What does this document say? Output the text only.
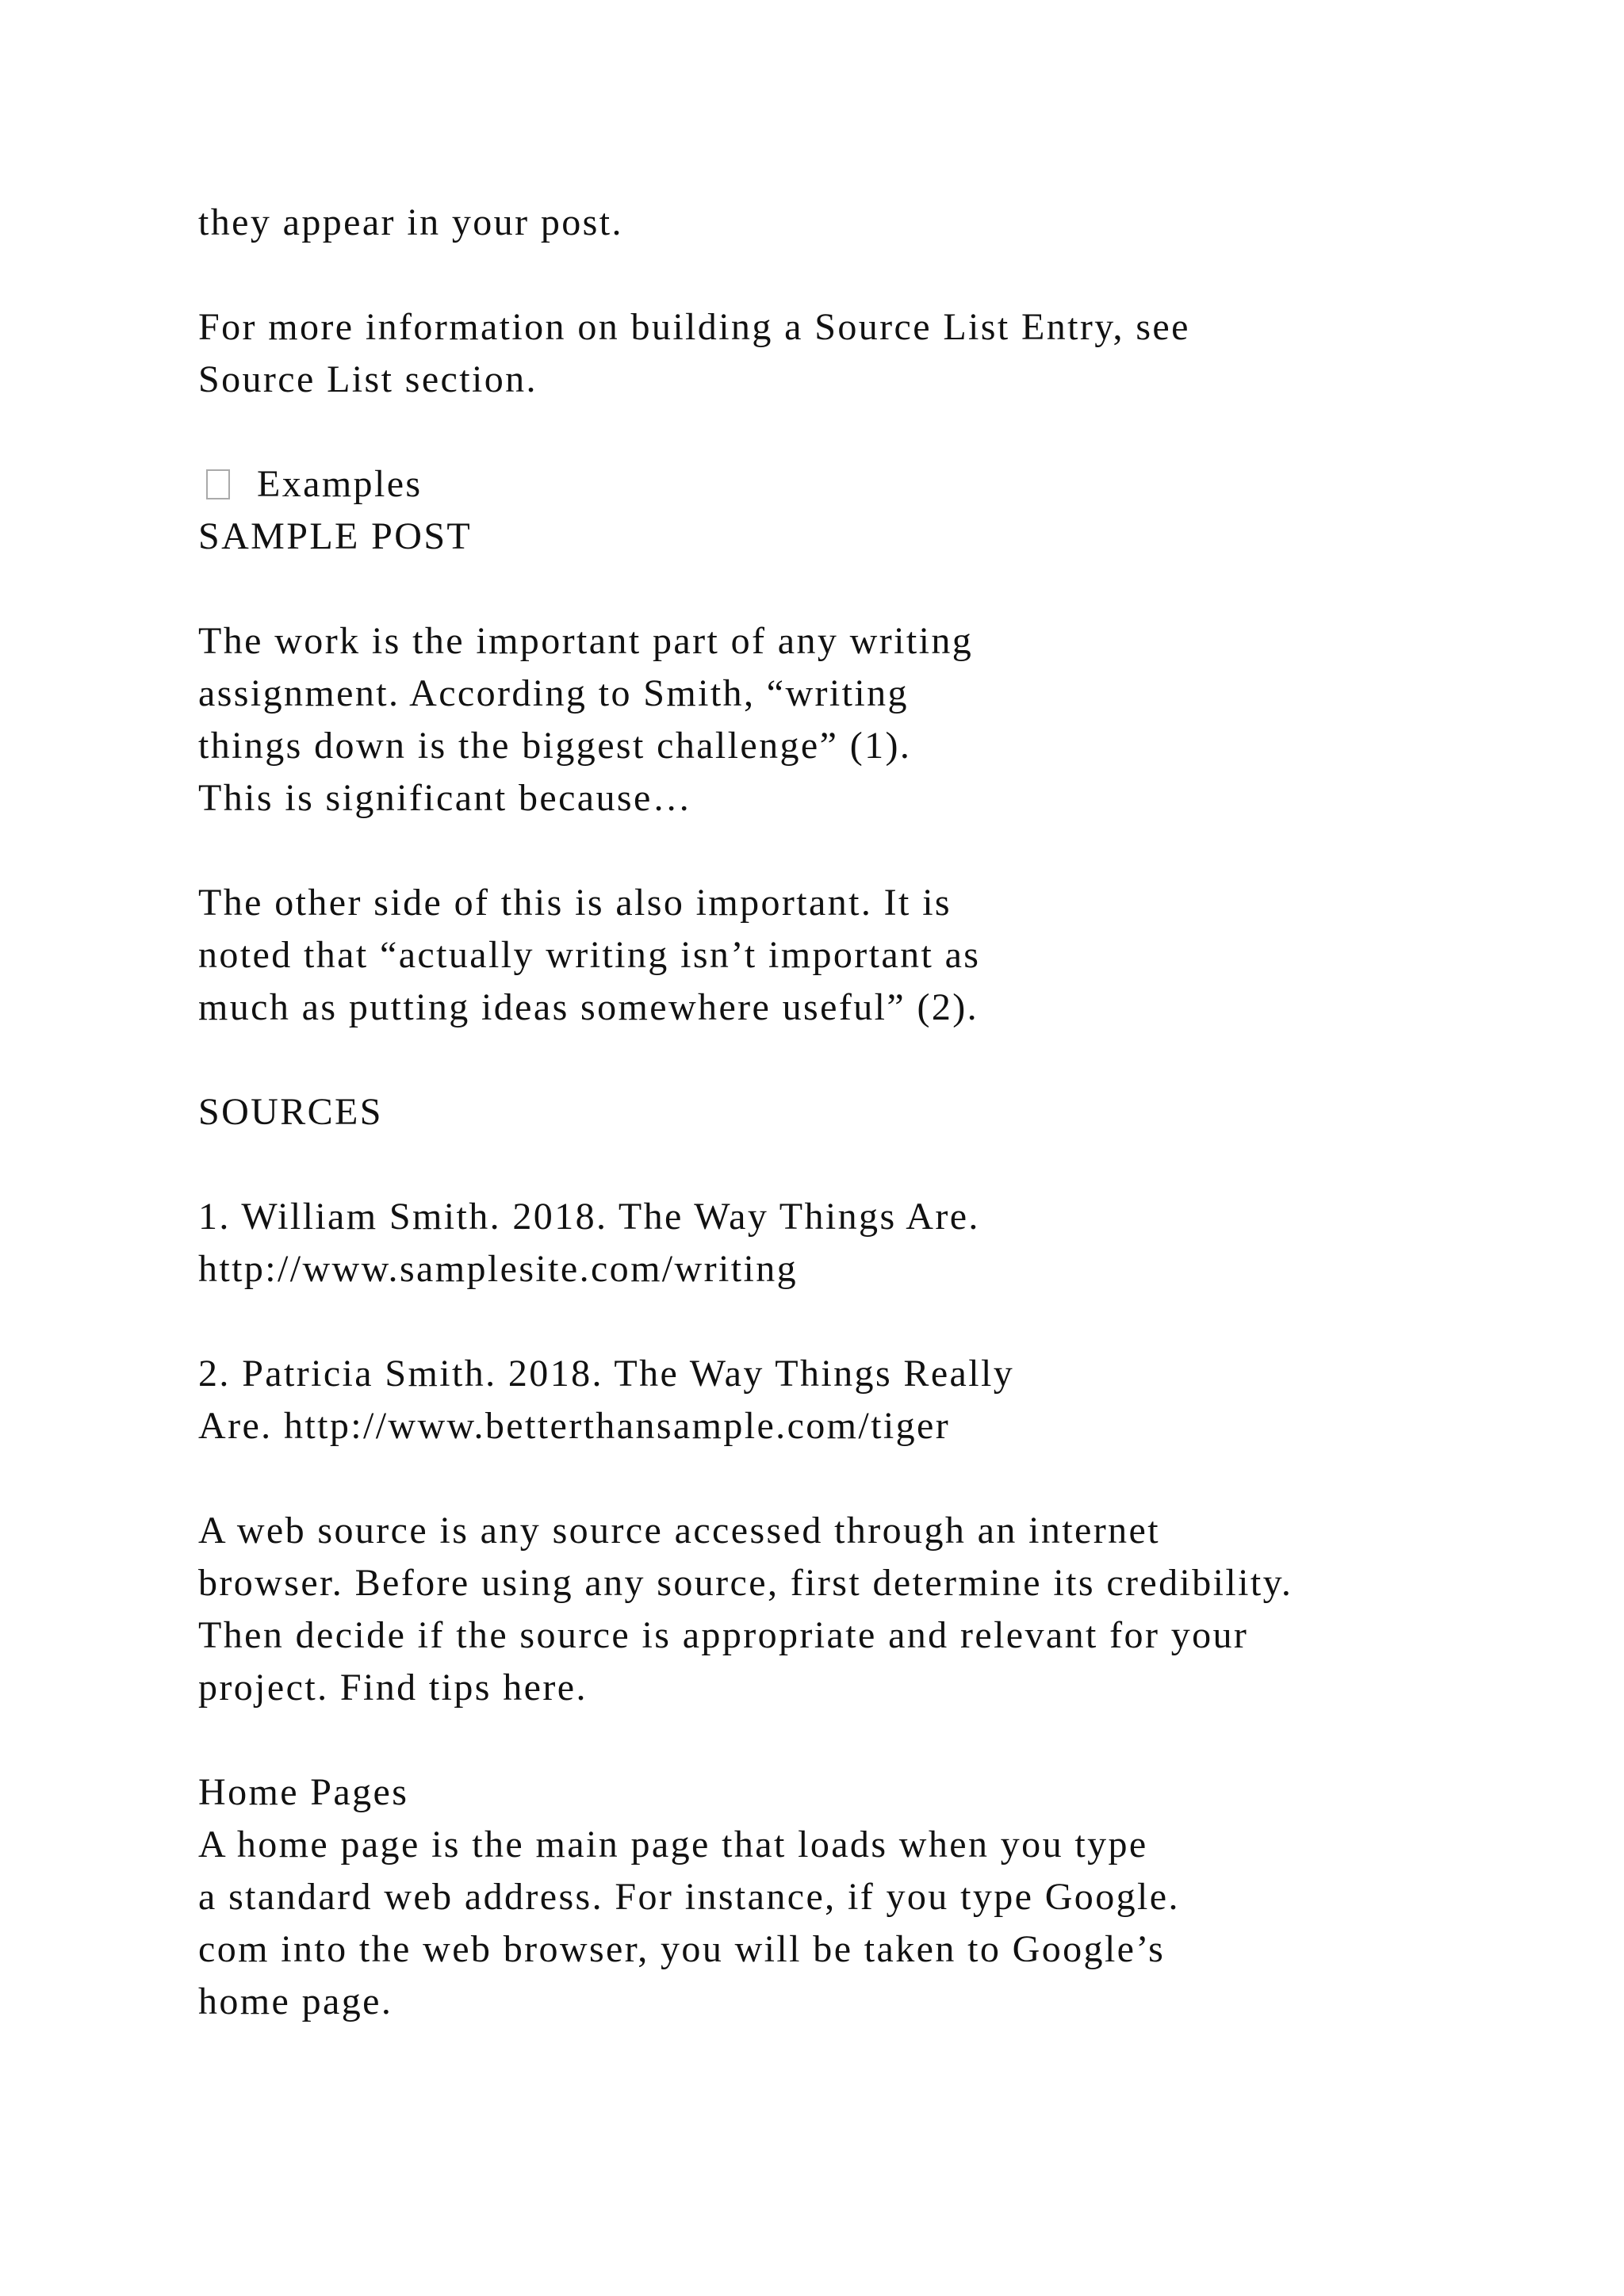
they appear in your post.
For more information on building a Source List Entry, see
Source List section.
Examples
SAMPLE POST
The work is the important part of any writing
assignment. According to Smith, “writing
things down is the biggest challenge” (1).
This is significant because…
The other side of this is also important. It is
noted that “actually writing isn’t important as
much as putting ideas somewhere useful” (2).
SOURCES
1. William Smith. 2018. The Way Things Are.
http://www.samplesite.com/writing
2. Patricia Smith. 2018. The Way Things Really
Are. http://www.betterthansample.com/tiger
A web source is any source accessed through an internet
browser. Before using any source, first determine its credibility.
Then decide if the source is appropriate and relevant for your
project. Find tips here.
Home Pages
A home page is the main page that loads when you type
a standard web address. For instance, if you type Google.
com into the web browser, you will be taken to Google’s
home page.
